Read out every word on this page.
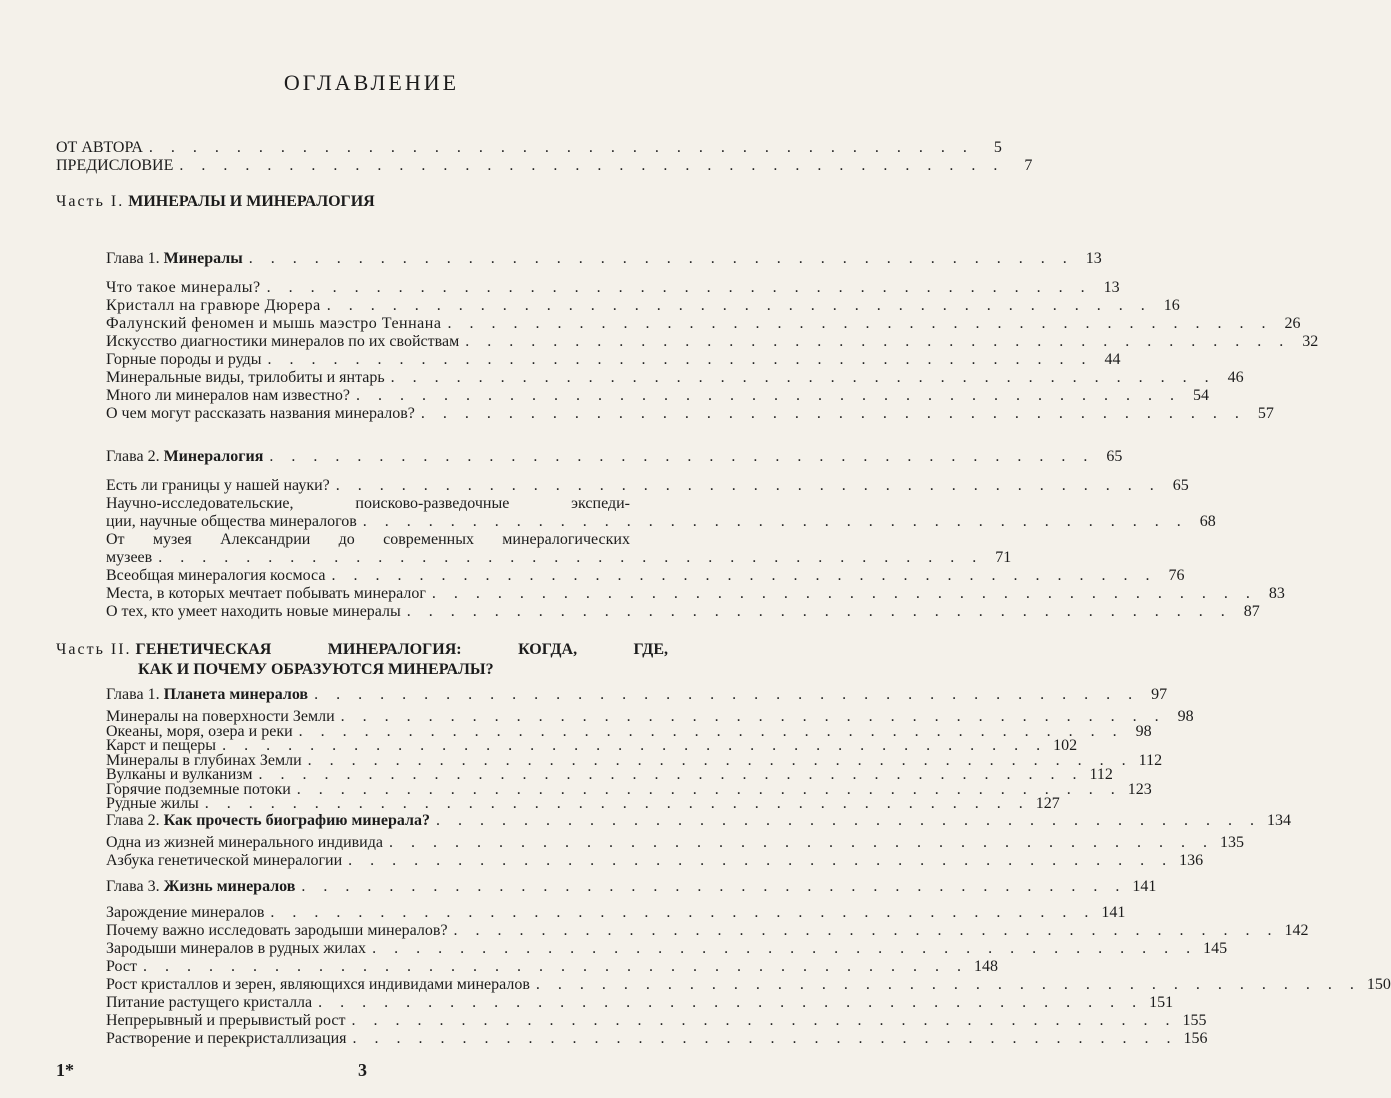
ОГЛАВЛЕНИЕ
ОТ АВТОРА . . . . . . . . . . . . . . . . . . . . . . . . . . . . . . . . . . . . . .	5
ПРЕДИСЛОВИЕ . . . . . . . . . . . . . . . . . . . . . . . . . . . . . . . . . . . . . .	7
Часть I. МИНЕРАЛЫ И МИНЕРАЛОГИЯ
Глава 1. Минералы . . . . . . . . . . . . . . . . . . . . . . . . . . . . . . . . . . . . . . 13
Что такое минералы? . . . . . . . . . . . . . . . . . . . . . . . . . . . . . . . . . . . . . . 13
Кристалл на гравюре Дюрера . . . . . . . . . . . . . . . . . . . . . . . . . . . . . . . . . . . . . . 16
Фалунский феномен и мышь маэстро Теннана . . . . . . . . . . . . . . . . . . . . . . . . . . . . . . . . . . . . . . 26
Искусство диагностики минералов по их свойствам . . . . . . . . . . . . . . . . . . . . . . . . . . . . . . . . . . . . . . 32
Горные породы и руды . . . . . . . . . . . . . . . . . . . . . . . . . . . . . . . . . . . . . . 44
Минеральные виды, трилобиты и янтарь . . . . . . . . . . . . . . . . . . . . . . . . . . . . . . . . . . . . . . 46
Много ли минералов нам известно? . . . . . . . . . . . . . . . . . . . . . . . . . . . . . . . . . . . . . . 54
О чем могут рассказать названия минералов? . . . . . . . . . . . . . . . . . . . . . . . . . . . . . . . . . . . . . . 57
Глава 2. Минералогия . . . . . . . . . . . . . . . . . . . . . . . . . . . . . . . . . . . . . . 65
Есть ли границы у нашей науки? . . . . . . . . . . . . . . . . . . . . . . . . . . . . . . . . . . . . . . 65
Научно-исследовательские,	поисково-разведочные	экспеди-
ции, научные общества минералогов . . . . . . . . . . . . . . . . . . . . . . . . . . . . . . . . . . . . . . 68
От музея Александрии до современных минералогических
музеев . . . . . . . . . . . . . . . . . . . . . . . . . . . . . . . . . . . . . . 71
Всеобщая минералогия космоса . . . . . . . . . . . . . . . . . . . . . . . . . . . . . . . . . . . . . . 76
Места, в которых мечтает побывать минералог . . . . . . . . . . . . . . . . . . . . . . . . . . . . . . . . . . . . . . 83
О тех, кто умеет находить новые минералы . . . . . . . . . . . . . . . . . . . . . . . . . . . . . . . . . . . . . . 87
Часть II. ГЕНЕТИЧЕСКАЯ	МИНЕРАЛОГИЯ:	КОГДА,	ГДЕ,
КАК И ПОЧЕМУ ОБРАЗУЮТСЯ МИНЕРАЛЫ?
Глава 1. Планета минералов . . . . . . . . . . . . . . . . . . . . . . . . . . . . . . . . . . . . . . 97
Минералы на поверхности Земли . . . . . . . . . . . . . . . . . . . . . . . . . . . . . . . . . . . . . . 98
Океаны, моря, озера и реки . . . . . . . . . . . . . . . . . . . . . . . . . . . . . . . . . . . . . . 98
Карст и пещеры . . . . . . . . . . . . . . . . . . . . . . . . . . . . . . . . . . . . . . 102
Минералы в глубинах Земли . . . . . . . . . . . . . . . . . . . . . . . . . . . . . . . . . . . . . . 112
Вулканы и вулканизм . . . . . . . . . . . . . . . . . . . . . . . . . . . . . . . . . . . . . . 112
Горячие подземные потоки . . . . . . . . . . . . . . . . . . . . . . . . . . . . . . . . . . . . . . 123
Рудные жилы . . . . . . . . . . . . . . . . . . . . . . . . . . . . . . . . . . . . . . 127
Глава 2. Как прочесть биографию минерала? . . . . . . . . . . . . . . . . . . . . . . . . . . . . . . . . . . . . . . 134
Одна из жизней минерального индивида . . . . . . . . . . . . . . . . . . . . . . . . . . . . . . . . . . . . . . 135
Азбука генетической минералогии . . . . . . . . . . . . . . . . . . . . . . . . . . . . . . . . . . . . . . 136
Глава 3. Жизнь минералов . . . . . . . . . . . . . . . . . . . . . . . . . . . . . . . . . . . . . . 141
Зарождение минералов . . . . . . . . . . . . . . . . . . . . . . . . . . . . . . . . . . . . . . 141
Почему важно исследовать зародыши минералов? . . . . . . . . . . . . . . . . . . . . . . . . . . . . . . . . . . . . . . 142
Зародыши минералов в рудных жилах . . . . . . . . . . . . . . . . . . . . . . . . . . . . . . . . . . . . . . 145
Рост . . . . . . . . . . . . . . . . . . . . . . . . . . . . . . . . . . . . . . 148
Рост кристаллов и зерен, являющихся индивидами минералов . . . . . . . . . . . . . . . . . . . . . . . . . . . . . . . . . . . . . . 150
Питание растущего кристалла . . . . . . . . . . . . . . . . . . . . . . . . . . . . . . . . . . . . . . 151
Непрерывный и прерывистый рост . . . . . . . . . . . . . . . . . . . . . . . . . . . . . . . . . . . . . . 155
Растворение и перекристаллизация . . . . . . . . . . . . . . . . . . . . . . . . . . . . . . . . . . . . . . 156
1*	3
